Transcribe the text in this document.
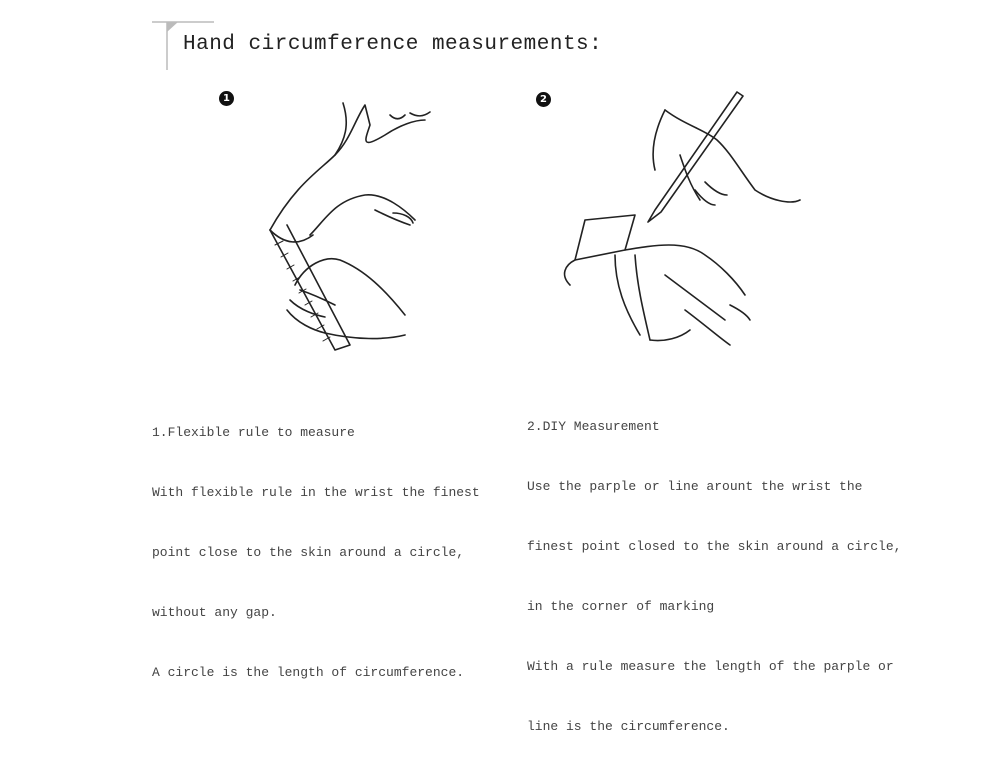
Hand circumference measurements:
1

1.Flexible rule to measure

With flexible rule in the wrist the finest

point close to the skin around a circle,

without any gap.

A circle is the length of circumference.

2

2.DIY Measurement

Use the parple or line arount the wrist the

finest point closed to the skin around a circle,

in the corner of marking

With a rule measure the length of the parple or

line is the circumference.
